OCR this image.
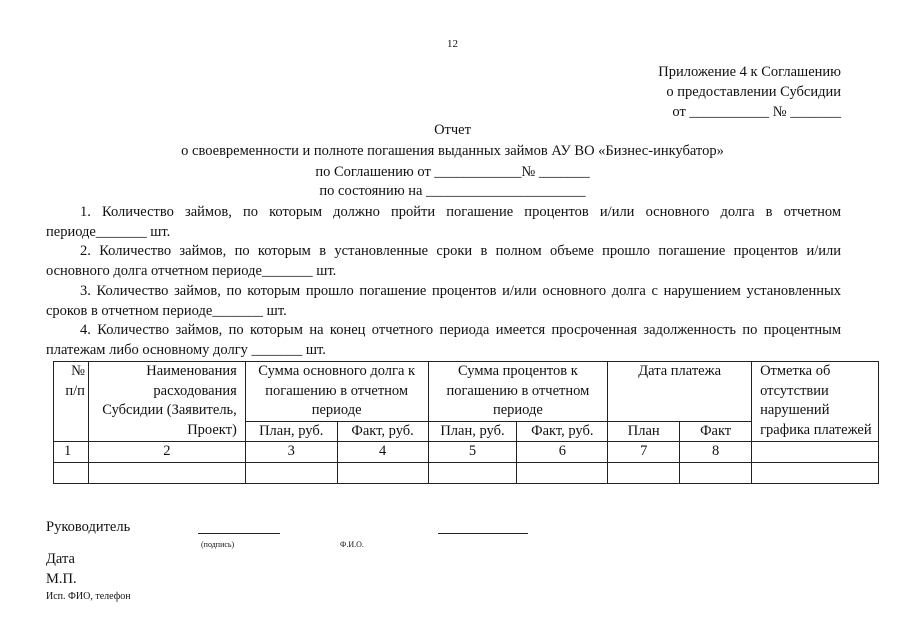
12
Приложение 4 к Соглашению
о предоставлении Субсидии
от ___________ № _______
Отчет
о своевременности и полноте погашения выданных займов АУ ВО «Бизнес-инкубатор»
по Соглашению от ____________№ _______
по состоянию на ______________________
1. Количество займов, по которым должно пройти погашение процентов и/или основного долга в отчетном периоде_______ шт.
2. Количество займов, по которым в установленные сроки в полном объеме прошло погашение процентов и/или основного долга отчетном периоде_______ шт.
3. Количество займов, по которым прошло погашение процентов и/или основного долга с нарушением установленных сроков в отчетном периоде_______ шт.
4. Количество займов, по которым на конец отчетного периода имеется просроченная задолженность по процентным платежам либо основному долгу _______ шт.
№ п/п	Наименования расходования Субсидии (Заявитель, Проект)	Сумма основного долга к погашению в отчетном периоде		Сумма процентов к погашению в отчетном периоде		Дата платежа		Отметка об отсутствии нарушений графика платежей
		План, руб.	Факт, руб.	План, руб.	Факт, руб.	План	Факт	
1	2	3	4	5	6	7	8	

Руководитель
(подпись)	Ф.И.О.
Дата
М.П.
Исп. ФИО, телефон
